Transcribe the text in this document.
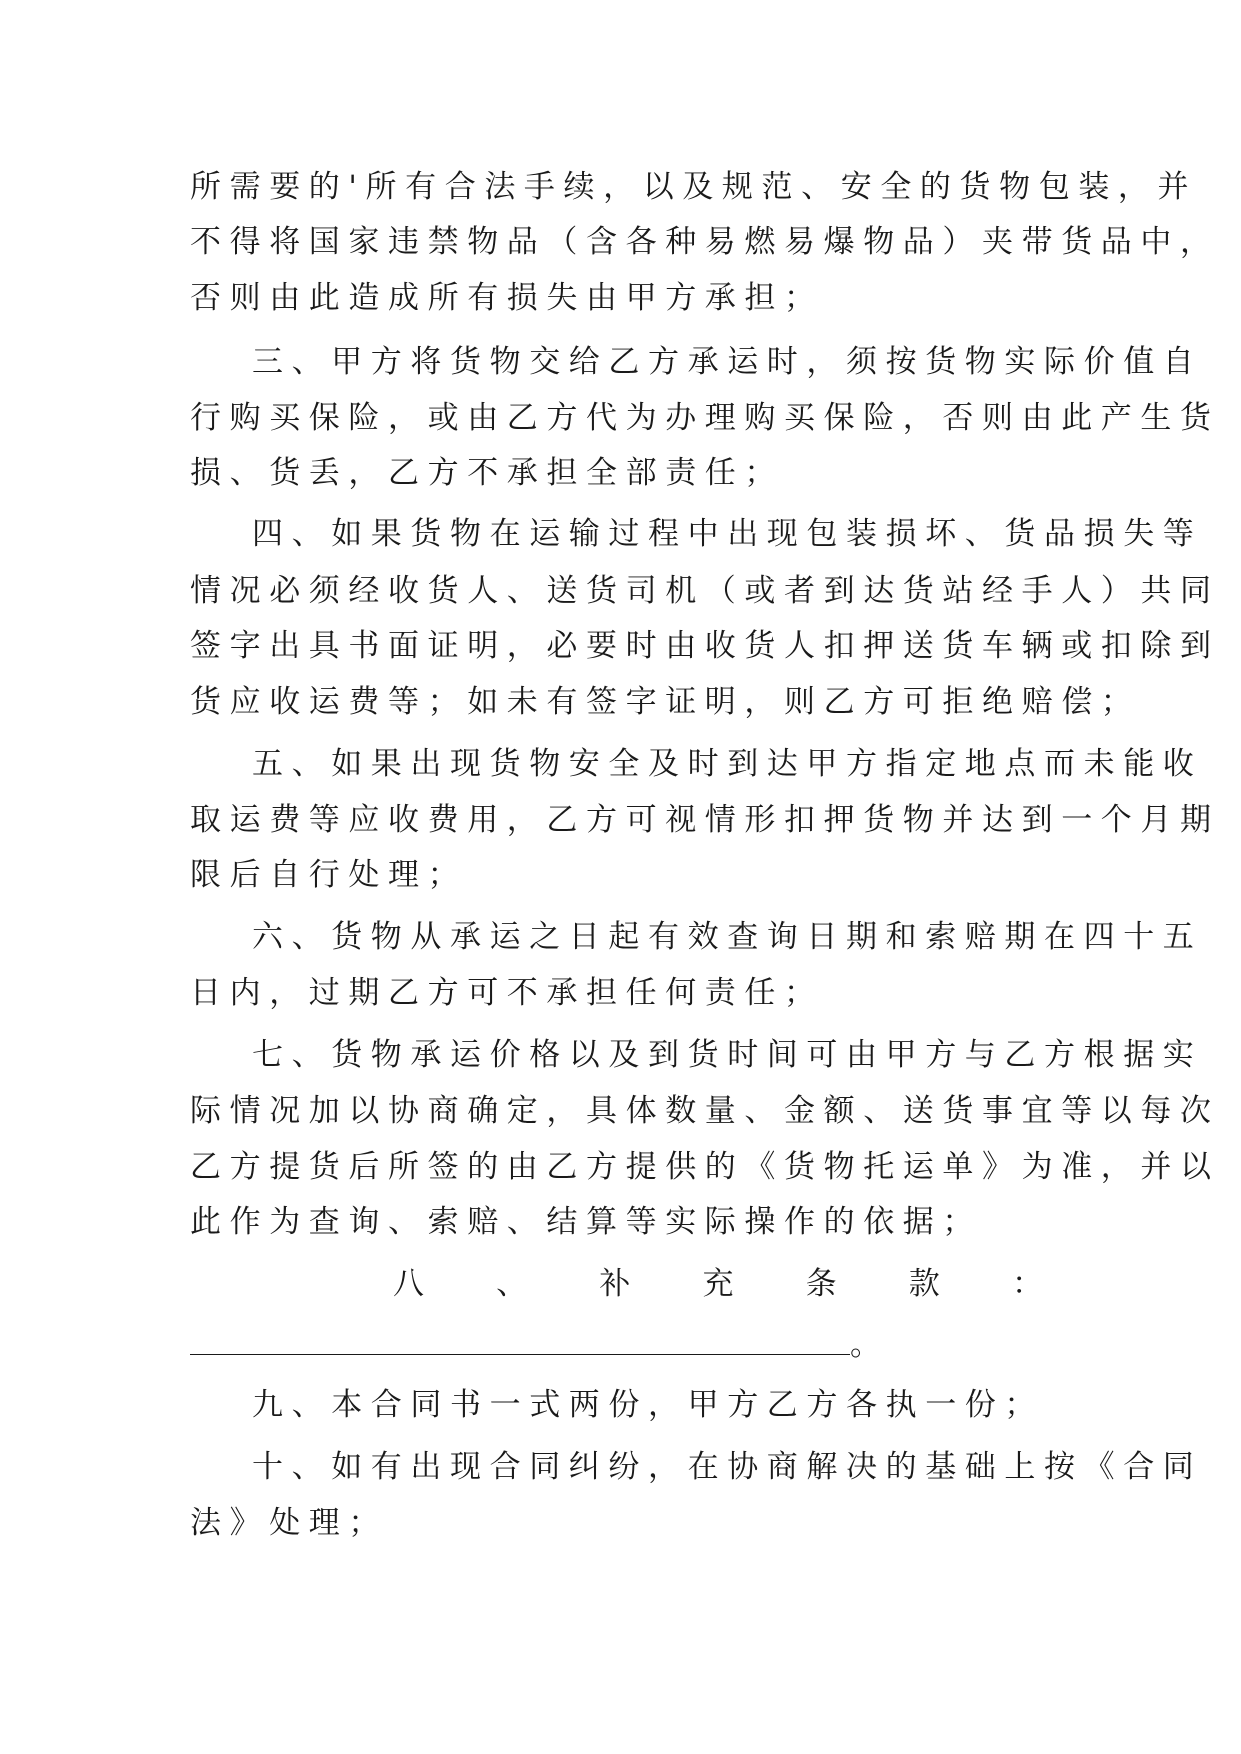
所需要的'所有合法手续，以及规范、安全的货物包装，并
不得将国家违禁物品（含各种易燃易爆物品）夹带货品中，
否则由此造成所有损失由甲方承担；
三、甲方将货物交给乙方承运时，须按货物实际价值自
行购买保险，或由乙方代为办理购买保险，否则由此产生货
损、货丢，乙方不承担全部责任；
四、如果货物在运输过程中出现包装损坏、货品损失等
情况必须经收货人、送货司机（或者到达货站经手人）共同
签字出具书面证明，必要时由收货人扣押送货车辆或扣除到
货应收运费等；如未有签字证明，则乙方可拒绝赔偿；
五、如果出现货物安全及时到达甲方指定地点而未能收
取运费等应收费用，乙方可视情形扣押货物并达到一个月期
限后自行处理；
六、货物从承运之日起有效查询日期和索赔期在四十五
日内，过期乙方可不承担任何责任；
七、货物承运价格以及到货时间可由甲方与乙方根据实
际情况加以协商确定，具体数量、金额、送货事宜等以每次
乙方提货后所签的由乙方提供的《货物托运单》为准，并以
此作为查询、索赔、结算等实际操作的依据；
八 、 补 充 条 款 ：
。
九、本合同书一式两份，甲方乙方各执一份；
十、如有出现合同纠纷，在协商解决的基础上按《合同
法》处理；
